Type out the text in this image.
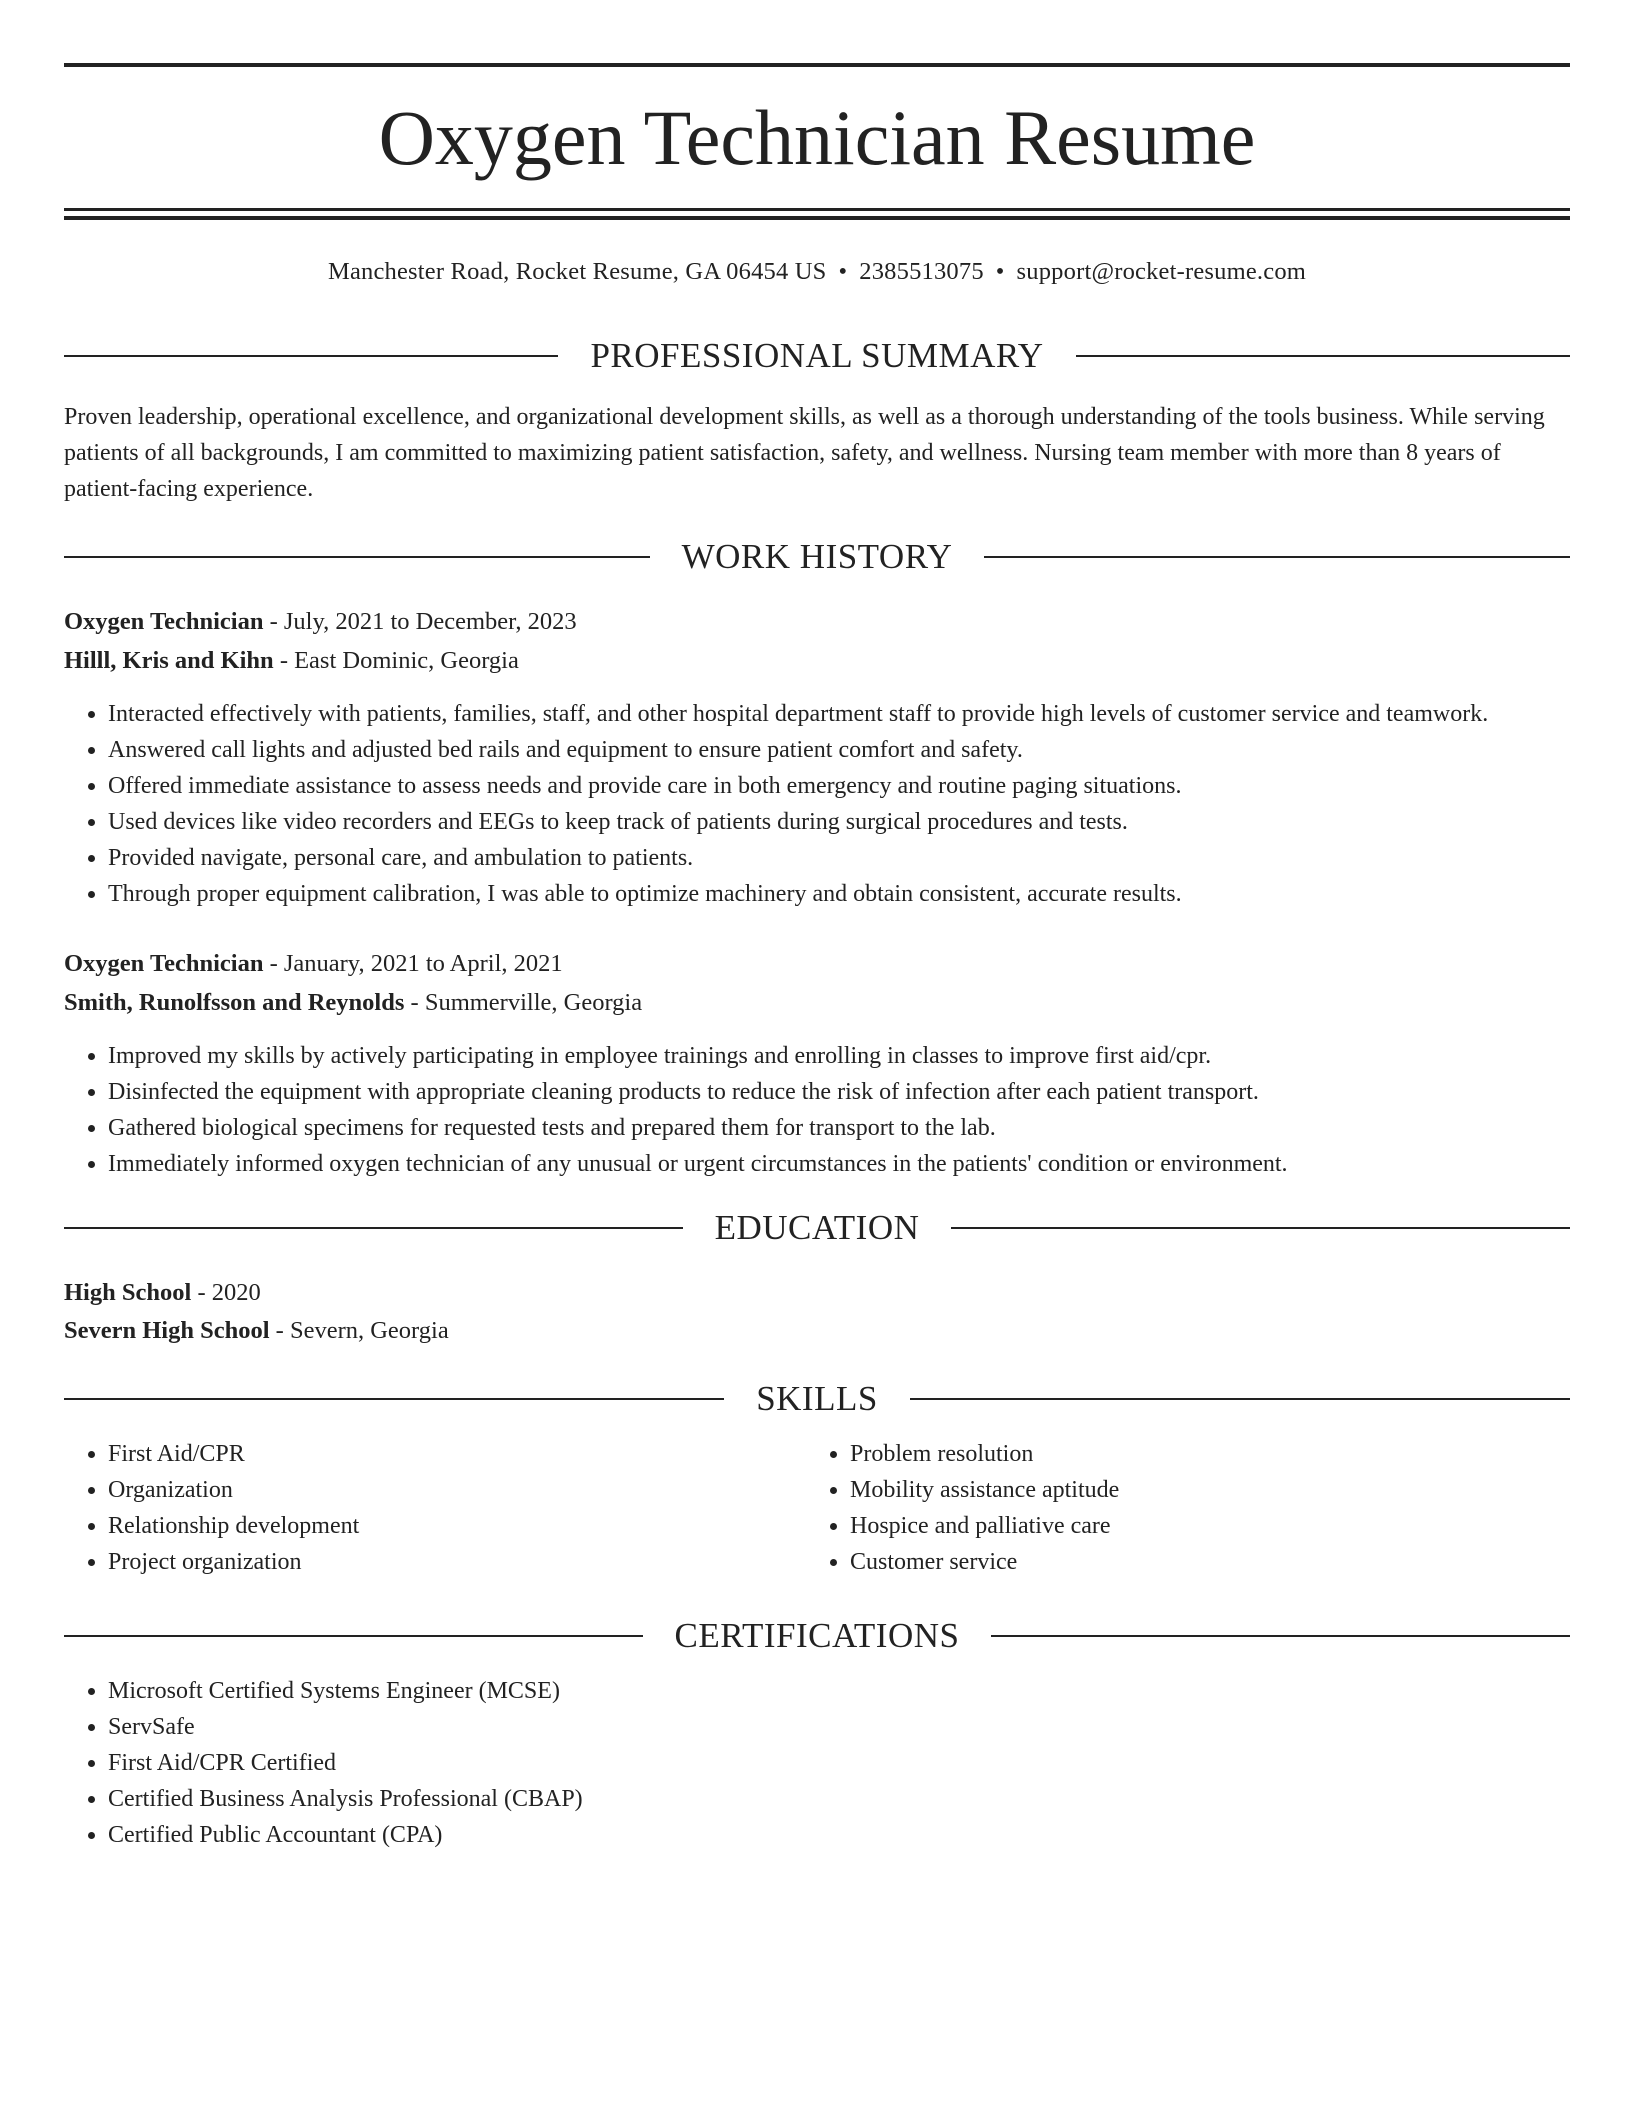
Oxygen Technician Resume
Manchester Road, Rocket Resume, GA 06454 US • 2385513075 • support@rocket-resume.com
PROFESSIONAL SUMMARY

Proven leadership, operational excellence, and organizational development skills, as well as a thorough understanding of the tools business. While serving patients of all backgrounds, I am committed to maximizing patient satisfaction, safety, and wellness. Nursing team member with more than 8 years of patient-facing experience.

WORK HISTORY
Oxygen Technician - July, 2021 to December, 2023
Hilll, Kris and Kihn - East Dominic, Georgia
• Interacted effectively with patients, families, staff, and other hospital department staff to provide high levels of customer service and teamwork.
• Answered call lights and adjusted bed rails and equipment to ensure patient comfort and safety.
• Offered immediate assistance to assess needs and provide care in both emergency and routine paging situations.
• Used devices like video recorders and EEGs to keep track of patients during surgical procedures and tests.
• Provided navigate, personal care, and ambulation to patients.
• Through proper equipment calibration, I was able to optimize machinery and obtain consistent, accurate results.
Oxygen Technician - January, 2021 to April, 2021
Smith, Runolfsson and Reynolds - Summerville, Georgia
• Improved my skills by actively participating in employee trainings and enrolling in classes to improve first aid/cpr.
• Disinfected the equipment with appropriate cleaning products to reduce the risk of infection after each patient transport.
• Gathered biological specimens for requested tests and prepared them for transport to the lab.
• Immediately informed oxygen technician of any unusual or urgent circumstances in the patients' condition or environment.
EDUCATION
High School - 2020
Severn High School - Severn, Georgia
SKILLS
• First Aid/CPR
• Organization
• Relationship development
• Project organization
• Problem resolution
• Mobility assistance aptitude
• Hospice and palliative care
• Customer service
CERTIFICATIONS
• Microsoft Certified Systems Engineer (MCSE)
• ServSafe
• First Aid/CPR Certified
• Certified Business Analysis Professional (CBAP)
• Certified Public Accountant (CPA)
